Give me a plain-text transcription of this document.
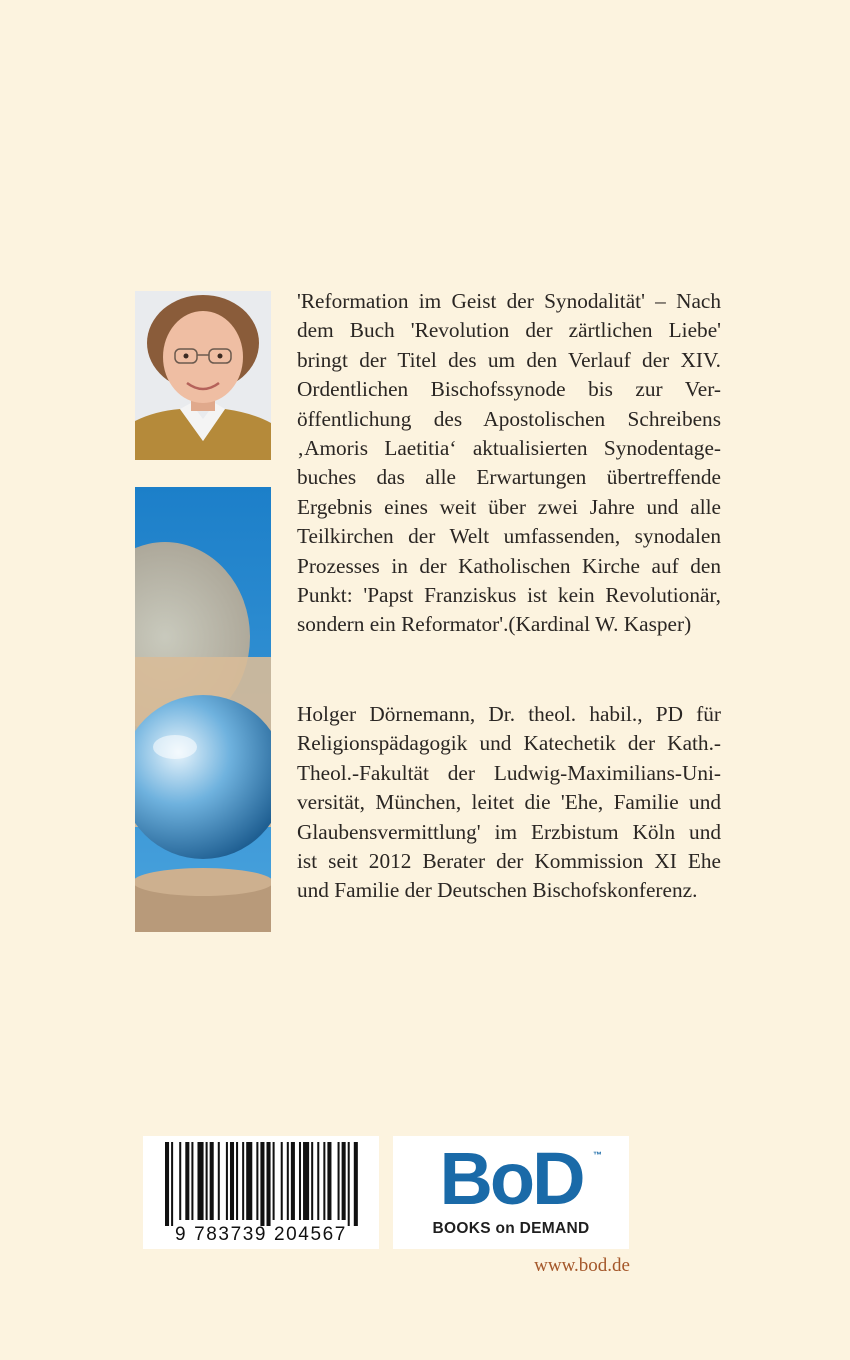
'Reformation im Geist der Synodalität' – Nach
dem Buch 'Revolution der zärtlichen Liebe'
bringt der Titel des um den Verlauf der XIV.
Ordentlichen Bischofssynode bis zur Ver-
öffentlichung des Apostolischen Schreibens
‚Amoris Laetitia‘ aktualisierten Synodentage-
buches das alle Erwartungen übertreffende
Ergebnis eines weit über zwei Jahre und alle
Teilkirchen der Welt umfassenden, synodalen
Prozesses in der Katholischen Kirche auf den
Punkt: 'Papst Franziskus ist kein Revolutionär,
sondern ein Reformator'.(Kardinal W. Kasper)
Holger Dörnemann, Dr. theol. habil., PD für
Religionspädagogik und Katechetik der Kath.-
Theol.-Fakultät der Ludwig-Maximilians-Uni-
versität, München, leitet die 'Ehe, Familie und
Glaubensvermittlung' im Erzbistum Köln und
ist seit 2012 Berater der Kommission XI Ehe
und Familie der Deutschen Bischofskonferenz.
9 783739 204567
BoD	™
BOOKS on DEMAND
www.bod.de
